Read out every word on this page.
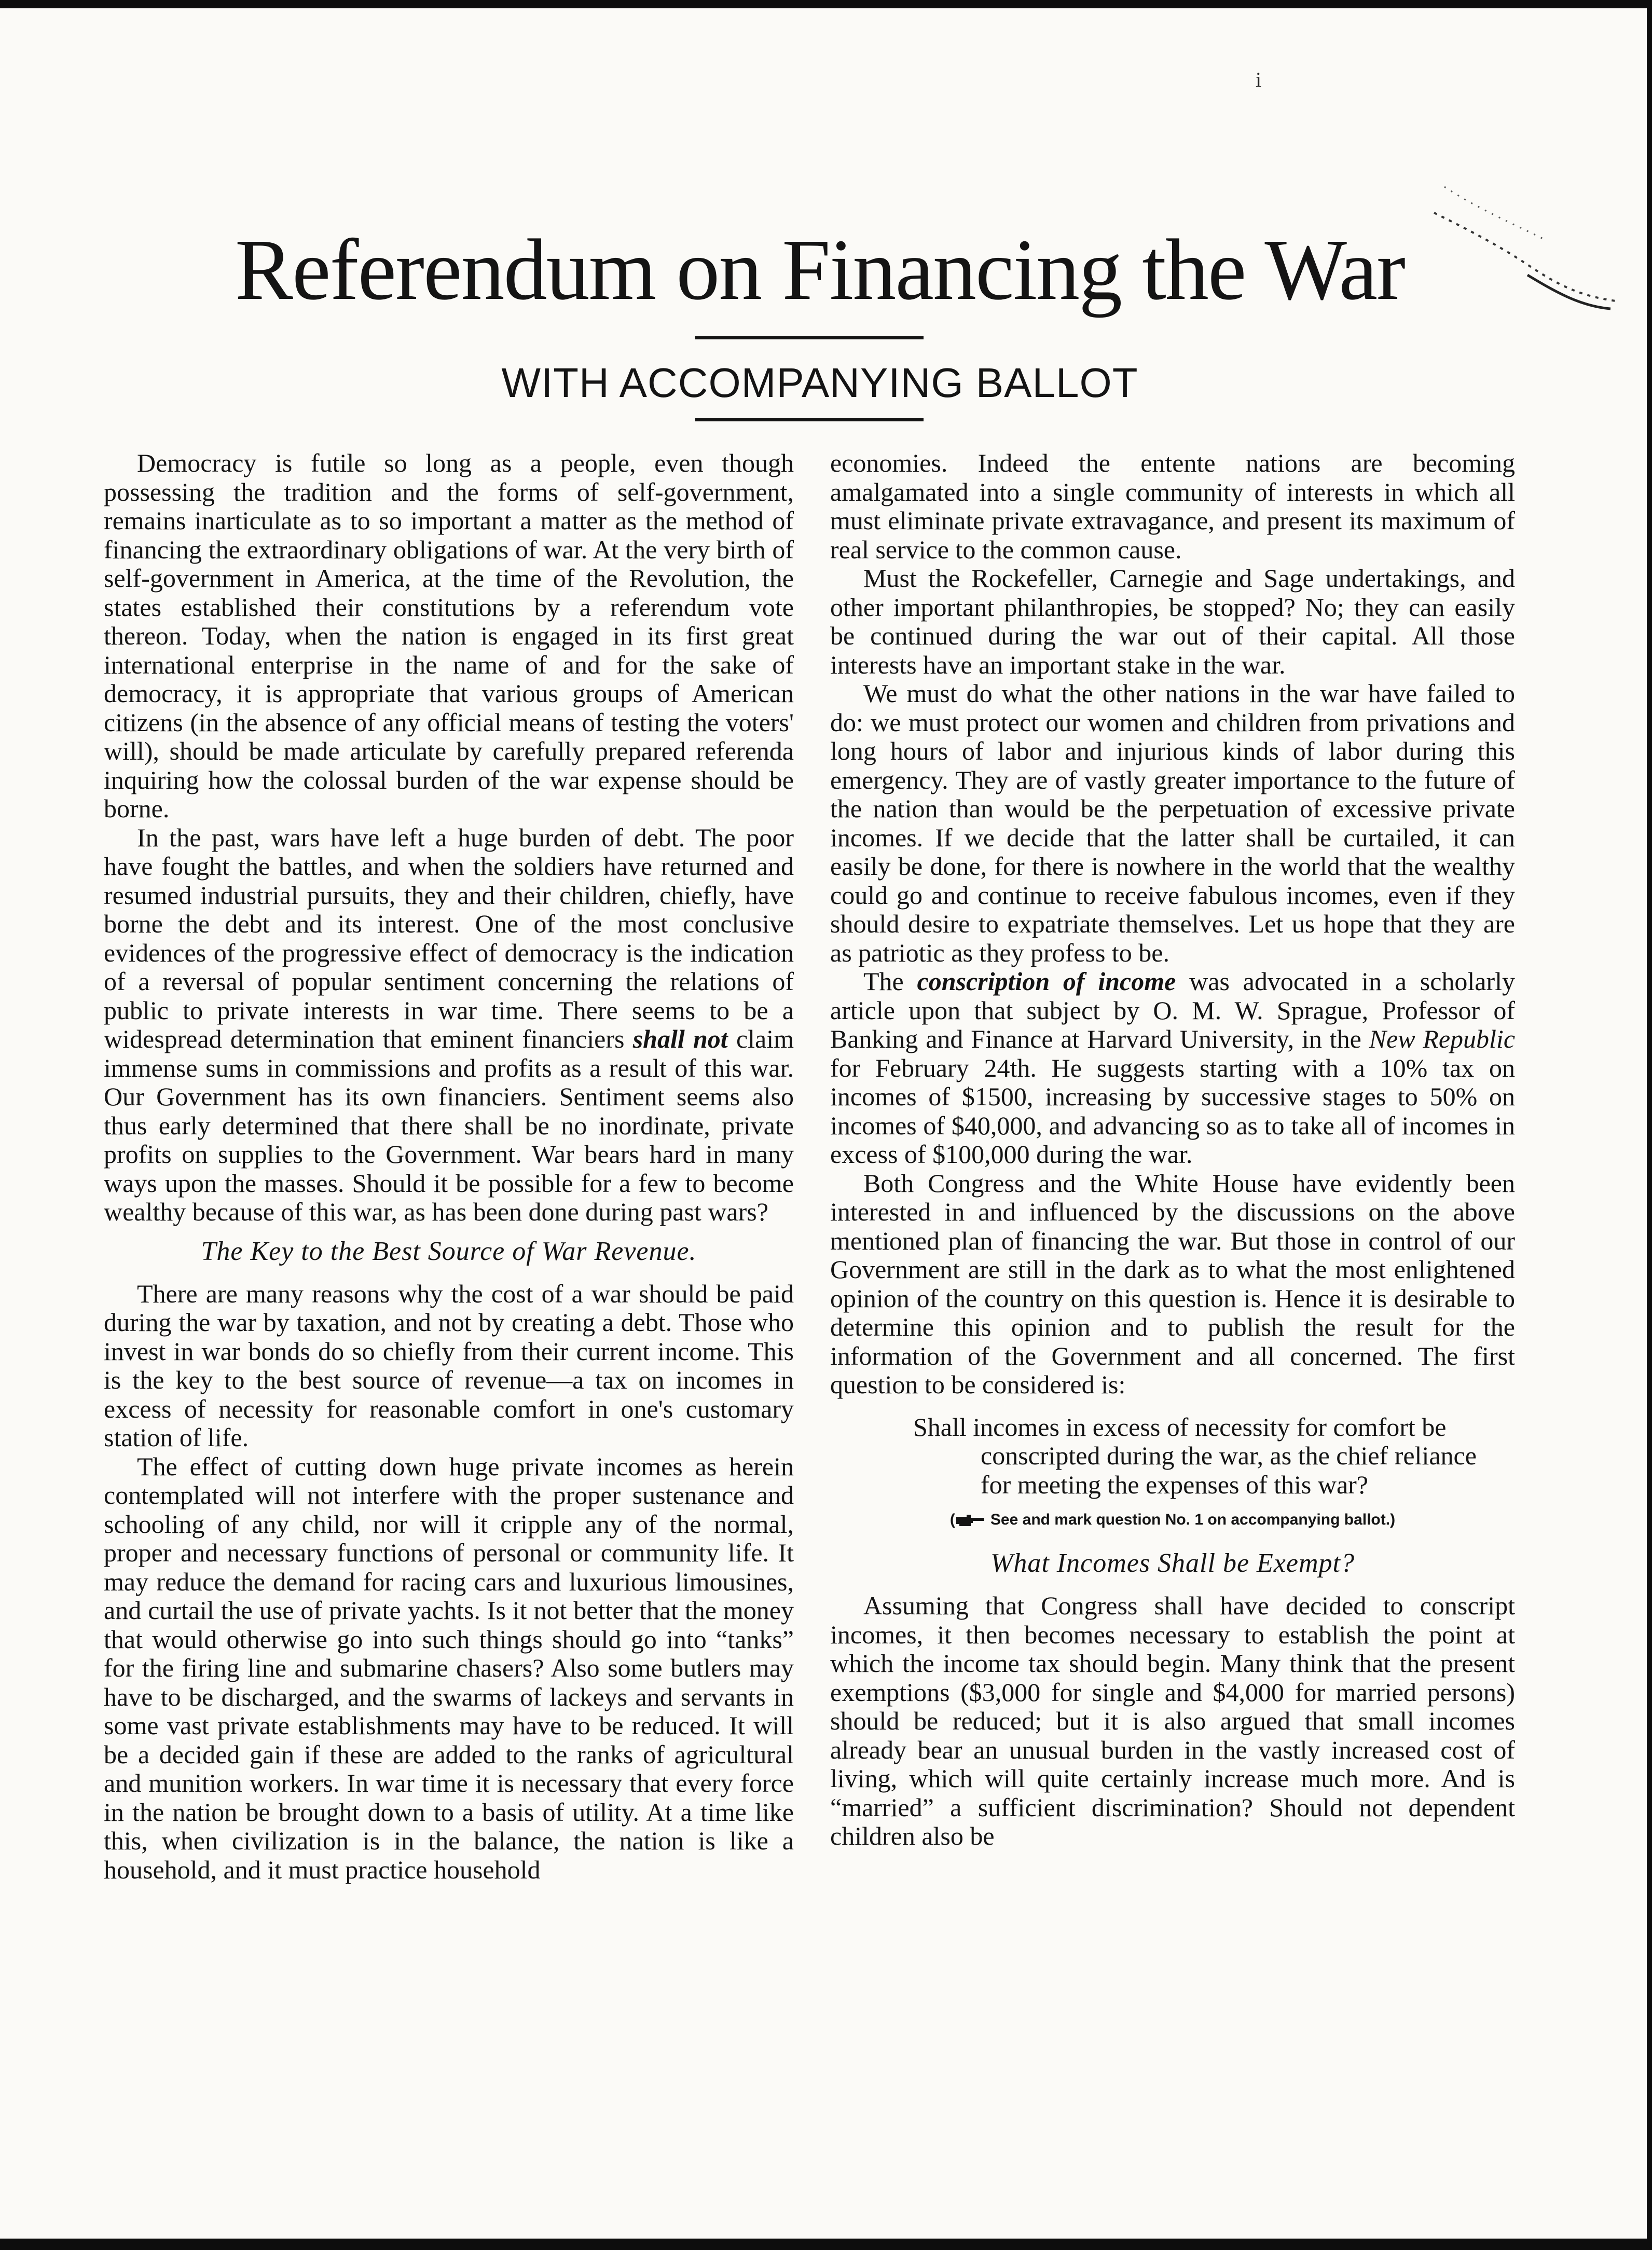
i
Referendum on Financing the War
WITH ACCOMPANYING BALLOT

Democracy is futile so long as a people, even though possessing the tradition and the forms of self-government, remains inarticulate as to so important a matter as the method of financing the extraordinary obligations of war. At the very birth of self-government in America, at the time of the Revolution, the states established their constitutions by a referendum vote thereon. Today, when the nation is engaged in its first great international enterprise in the name of and for the sake of democracy, it is appropriate that various groups of American citizens (in the absence of any official means of testing the voters' will), should be made articulate by carefully prepared referenda inquiring how the colossal burden of the war expense should be borne.

In the past, wars have left a huge burden of debt. The poor have fought the battles, and when the soldiers have returned and resumed industrial pursuits, they and their children, chiefly, have borne the debt and its interest. One of the most conclusive evidences of the progressive effect of democracy is the indication of a reversal of popular sentiment concerning the relations of public to private interests in war time. There seems to be a widespread determination that eminent financiers shall not claim immense sums in commissions and profits as a result of this war. Our Government has its own financiers. Sentiment seems also thus early determined that there shall be no inordinate, private profits on supplies to the Government. War bears hard in many ways upon the masses. Should it be possible for a few to become wealthy because of this war, as has been done during past wars?

The Key to the Best Source of War Revenue.

There are many reasons why the cost of a war should be paid during the war by taxation, and not by creating a debt. Those who invest in war bonds do so chiefly from their current income. This is the key to the best source of revenue—a tax on incomes in excess of necessity for reasonable comfort in one's customary station of life.

The effect of cutting down huge private incomes as herein contemplated will not interfere with the proper sustenance and schooling of any child, nor will it cripple any of the normal, proper and necessary functions of personal or community life. It may reduce the demand for racing cars and luxurious limousines, and curtail the use of private yachts. Is it not better that the money that would otherwise go into such things should go into “tanks” for the firing line and submarine chasers? Also some butlers may have to be discharged, and the swarms of lackeys and servants in some vast private establishments may have to be reduced. It will be a decided gain if these are added to the ranks of agricultural and munition workers. In war time it is necessary that every force in the nation be brought down to a basis of utility. At a time like this, when civilization is in the balance, the nation is like a household, and it must practice household

economies. Indeed the entente nations are becoming amalgamated into a single community of interests in which all must eliminate private extravagance, and present its maximum of real service to the common cause.

Must the Rockefeller, Carnegie and Sage undertakings, and other important philanthropies, be stopped? No; they can easily be continued during the war out of their capital. All those interests have an important stake in the war.

We must do what the other nations in the war have failed to do: we must protect our women and children from privations and long hours of labor and injurious kinds of labor during this emergency. They are of vastly greater importance to the future of the nation than would be the perpetuation of excessive private incomes. If we decide that the latter shall be curtailed, it can easily be done, for there is nowhere in the world that the wealthy could go and continue to receive fabulous incomes, even if they should desire to expatriate themselves. Let us hope that they are as patriotic as they profess to be.

The conscription of income was advocated in a scholarly article upon that subject by O. M. W. Sprague, Professor of Banking and Finance at Harvard University, in the New Republic for February 24th. He suggests starting with a 10% tax on incomes of $1500, increasing by successive stages to 50% on incomes of $40,000, and advancing so as to take all of incomes in excess of $100,000 during the war.

Both Congress and the White House have evidently been interested in and influenced by the discussions on the above mentioned plan of financing the war. But those in control of our Government are still in the dark as to what the most enlightened opinion of the country on this question is. Hence it is desirable to determine this opinion and to publish the result for the information of the Government and all concerned. The first question to be considered is:

Shall incomes in excess of necessity for comfort be conscripted during the war, as the chief reliance for meeting the expenses of this war?
( See and mark question No. 1 on accompanying ballot.)
What Incomes Shall be Exempt?

Assuming that Congress shall have decided to conscript incomes, it then becomes necessary to establish the point at which the income tax should begin. Many think that the present exemptions ($3,000 for single and $4,000 for married persons) should be reduced; but it is also argued that small incomes already bear an unusual burden in the vastly increased cost of living, which will quite certainly increase much more. And is “married” a sufficient discrimination? Should not dependent children also be
